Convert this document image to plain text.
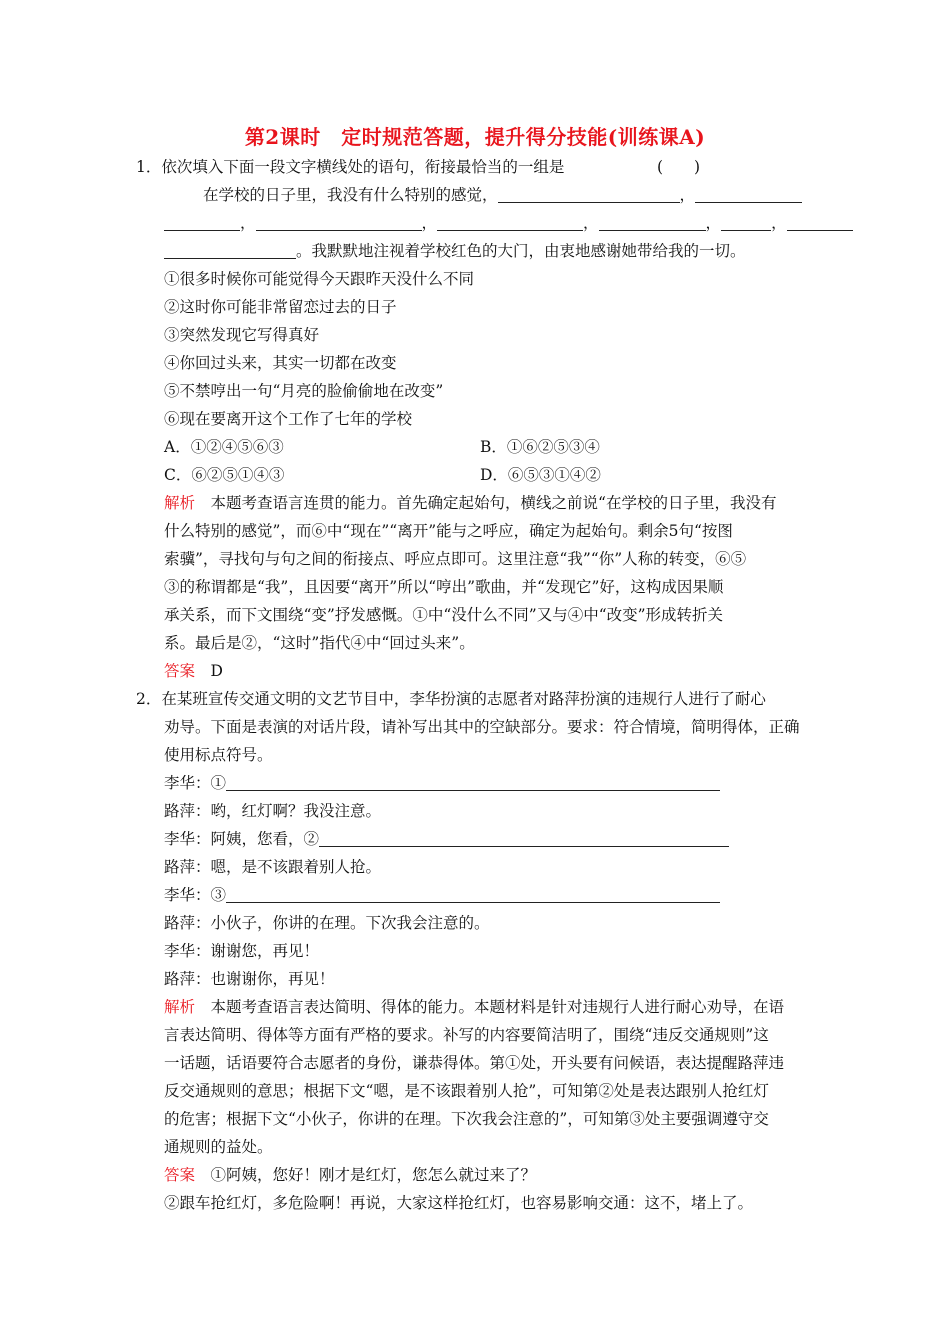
第2课时　定时规范答题，提升得分技能(训练课A)
1．依次填入下面一段文字横线处的语句，衔接最恰当的一组是	(　　)
在学校的日子里，我没有什么特别的感觉，	，
，	，	，	，	，
。我默默地注视着学校红色的大门，由衷地感谢她带给我的一切。
①很多时候你可能觉得今天跟昨天没什么不同
②这时你可能非常留恋过去的日子
③突然发现它写得真好
④你回过头来，其实一切都在改变
⑤不禁哼出一句“月亮的脸偷偷地在改变”
⑥现在要离开这个工作了七年的学校
A．①②④⑤⑥③	B．①⑥②⑤③④
C．⑥②⑤①④③	D．⑥⑤③①④②
解析　本题考查语言连贯的能力。首先确定起始句，横线之前说“在学校的日子里，我没有
什么特别的感觉”，而⑥中“现在”“离开”能与之呼应，确定为起始句。剩余5句“按图
索骥”，寻找句与句之间的衔接点、呼应点即可。这里注意“我”“你”人称的转变，⑥⑤
③的称谓都是“我”，且因要“离开”所以“哼出”歌曲，并“发现它”好，这构成因果顺
承关系，而下文围绕“变”抒发感慨。①中“没什么不同”又与④中“改变”形成转折关
系。最后是②，“这时”指代④中“回过头来”。
答案　D
2．在某班宣传交通文明的文艺节目中，李华扮演的志愿者对路萍扮演的违规行人进行了耐心
劝导。下面是表演的对话片段，请补写出其中的空缺部分。要求：符合情境，简明得体，正确
使用标点符号。
李华：①
路萍：哟，红灯啊？我没注意。
李华：阿姨，您看，②
路萍：嗯，是不该跟着别人抢。
李华：③
路萍：小伙子，你讲的在理。下次我会注意的。
李华：谢谢您，再见！
路萍：也谢谢你，再见！
解析　本题考查语言表达简明、得体的能力。本题材料是针对违规行人进行耐心劝导，在语
言表达简明、得体等方面有严格的要求。补写的内容要简洁明了，围绕“违反交通规则”这
一话题，话语要符合志愿者的身份，谦恭得体。第①处，开头要有问候语，表达提醒路萍违
反交通规则的意思；根据下文“嗯，是不该跟着别人抢”，可知第②处是表达跟别人抢红灯
的危害；根据下文“小伙子，你讲的在理。下次我会注意的”，可知第③处主要强调遵守交
通规则的益处。
答案　①阿姨，您好！刚才是红灯，您怎么就过来了？
②跟车抢红灯，多危险啊！再说，大家这样抢红灯，也容易影响交通：这不，堵上了。
